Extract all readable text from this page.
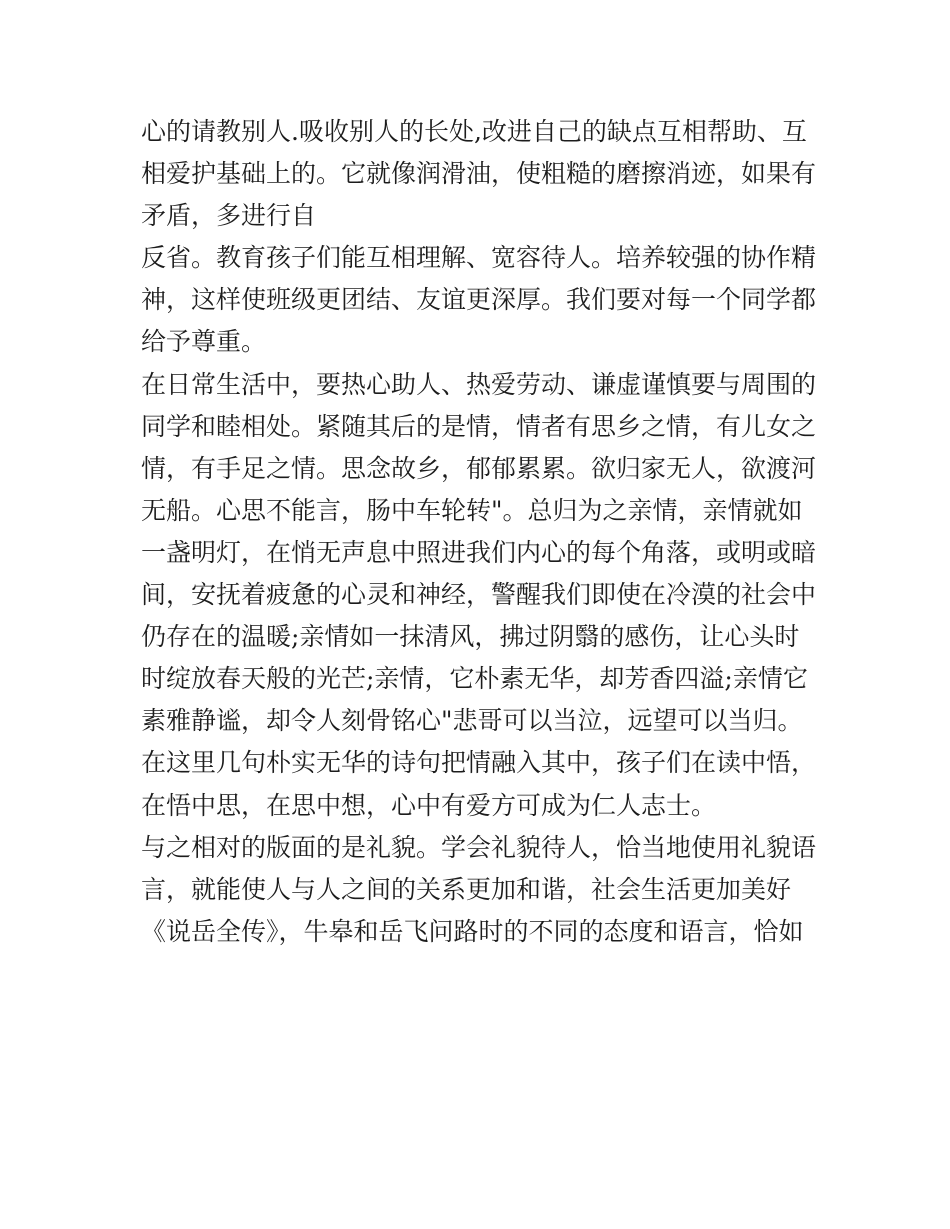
心的请教别人.吸收别人的长处,改进自己的缺点互相帮助、互
相爱护基础上的。它就像润滑油，使粗糙的磨擦消迹，如果有
矛盾，多进行自
反省。教育孩子们能互相理解、宽容待人。培养较强的协作精
神，这样使班级更团结、友谊更深厚。我们要对每一个同学都
给予尊重。
在日常生活中，要热心助人、热爱劳动、谦虚谨慎要与周围的
同学和睦相处。紧随其后的是情，情者有思乡之情，有儿女之
情，有手足之情。思念故乡，郁郁累累。欲归家无人，欲渡河
无船。心思不能言，肠中车轮转"。总归为之亲情，亲情就如
一盏明灯，在悄无声息中照进我们内心的每个角落，或明或暗
间，安抚着疲惫的心灵和神经，警醒我们即使在冷漠的社会中
仍存在的温暖;亲情如一抹清风，拂过阴翳的感伤，让心头时
时绽放春天般的光芒;亲情，它朴素无华，却芳香四溢;亲情它
素雅静谧，却令人刻骨铭心"悲哥可以当泣，远望可以当归。
在这里几句朴实无华的诗句把情融入其中，孩子们在读中悟，
在悟中思，在思中想，心中有爱方可成为仁人志士。
与之相对的版面的是礼貌。学会礼貌待人，恰当地使用礼貌语
言，就能使人与人之间的关系更加和谐，社会生活更加美好
《说岳全传》，牛皋和岳飞问路时的不同的态度和语言，恰如
